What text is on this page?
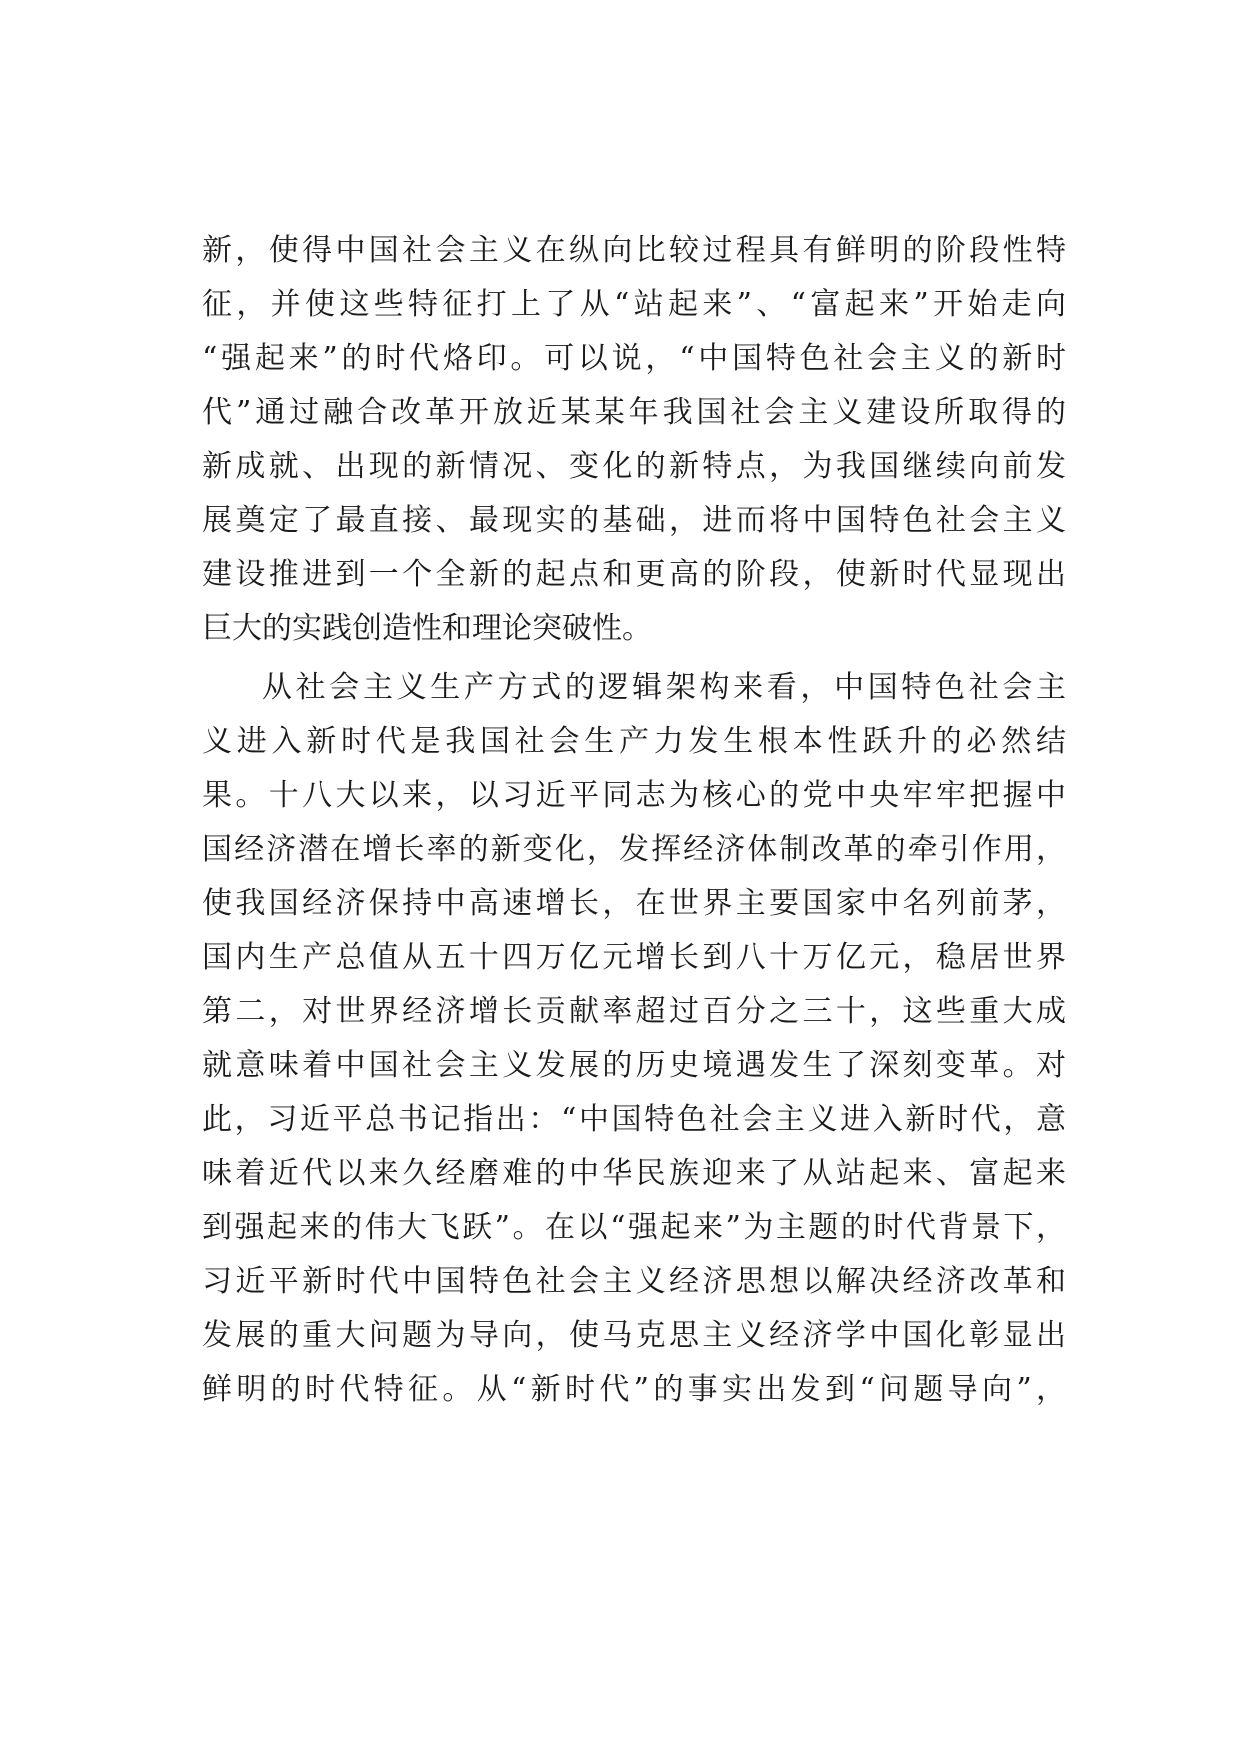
新，使得中国社会主义在纵向比较过程具有鲜明的阶段性特
征，并使这些特征打上了从“站起来”、“富起来”开始走向
“强起来”的时代烙印。可以说，“中国特色社会主义的新时
代”通过融合改革开放近某某年我国社会主义建设所取得的
新成就、出现的新情况、变化的新特点，为我国继续向前发
展奠定了最直接、最现实的基础，进而将中国特色社会主义
建设推进到一个全新的起点和更高的阶段，使新时代显现出
巨大的实践创造性和理论突破性。

从社会主义生产方式的逻辑架构来看，中国特色社会主
义进入新时代是我国社会生产力发生根本性跃升的必然结
果。十八大以来，以习近平同志为核心的党中央牢牢把握中
国经济潜在增长率的新变化，发挥经济体制改革的牵引作用，
使我国经济保持中高速增长，在世界主要国家中名列前茅，
国内生产总值从五十四万亿元增长到八十万亿元，稳居世界
第二，对世界经济增长贡献率超过百分之三十，这些重大成
就意味着中国社会主义发展的历史境遇发生了深刻变革。对
此，习近平总书记指出：“中国特色社会主义进入新时代，意
味着近代以来久经磨难的中华民族迎来了从站起来、富起来
到强起来的伟大飞跃”。在以“强起来”为主题的时代背景下，
习近平新时代中国特色社会主义经济思想以解决经济改革和
发展的重大问题为导向，使马克思主义经济学中国化彰显出
鲜明的时代特征。从“新时代”的事实出发到“问题导向”，
